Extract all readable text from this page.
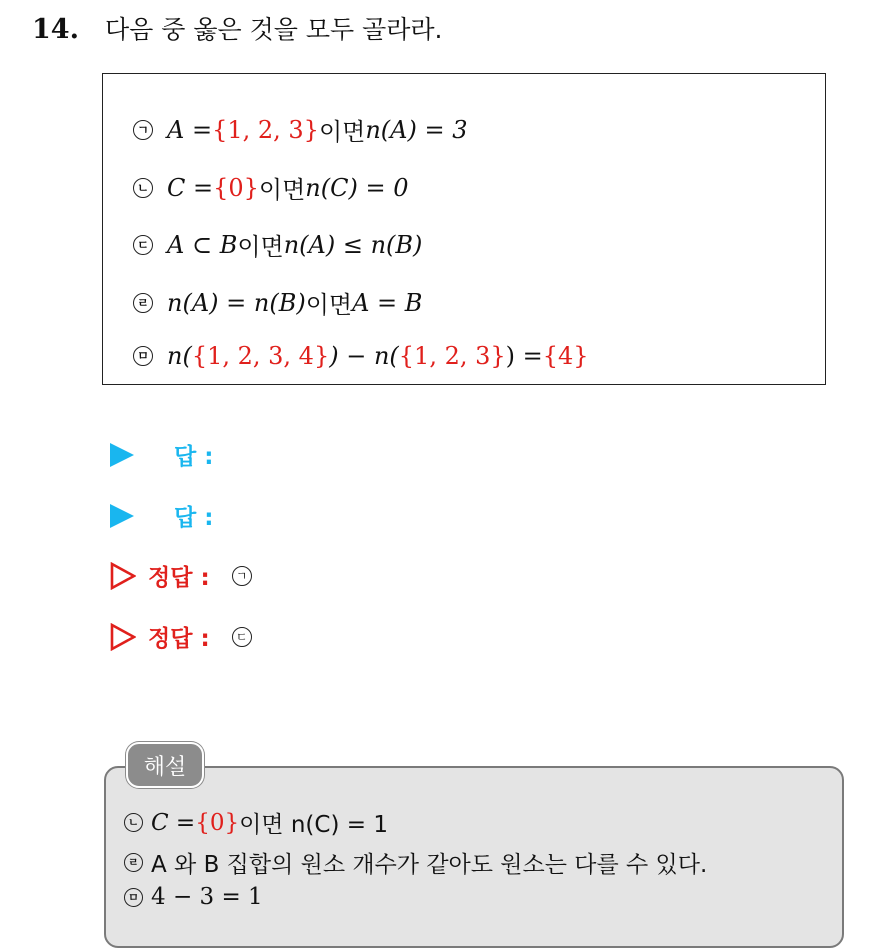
14. 다음 중 옳은 것을 모두 골라라.
ㄱ A = {1, 2, 3} 이면 n(A) = 3
ㄴ C = {0} 이면 n(C) = 0
ㄷ A ⊂ B 이면 n(A) ≤ n(B)
ㄹ n(A) = n(B) 이면 A = B
ㅁ n( {1, 2, 3, 4} ) − n( {1, 2, 3} ) = {4}
답 :
답 :
정답 :	ㄱ
정답 :	ㄷ
ㄴ C = {0} 이면 n(C) = 1
ㄹ A 와 B 집합의 원소 개수가 같아도 원소는 다를 수 있다.
ㅁ 4 − 3 = 1
해설
